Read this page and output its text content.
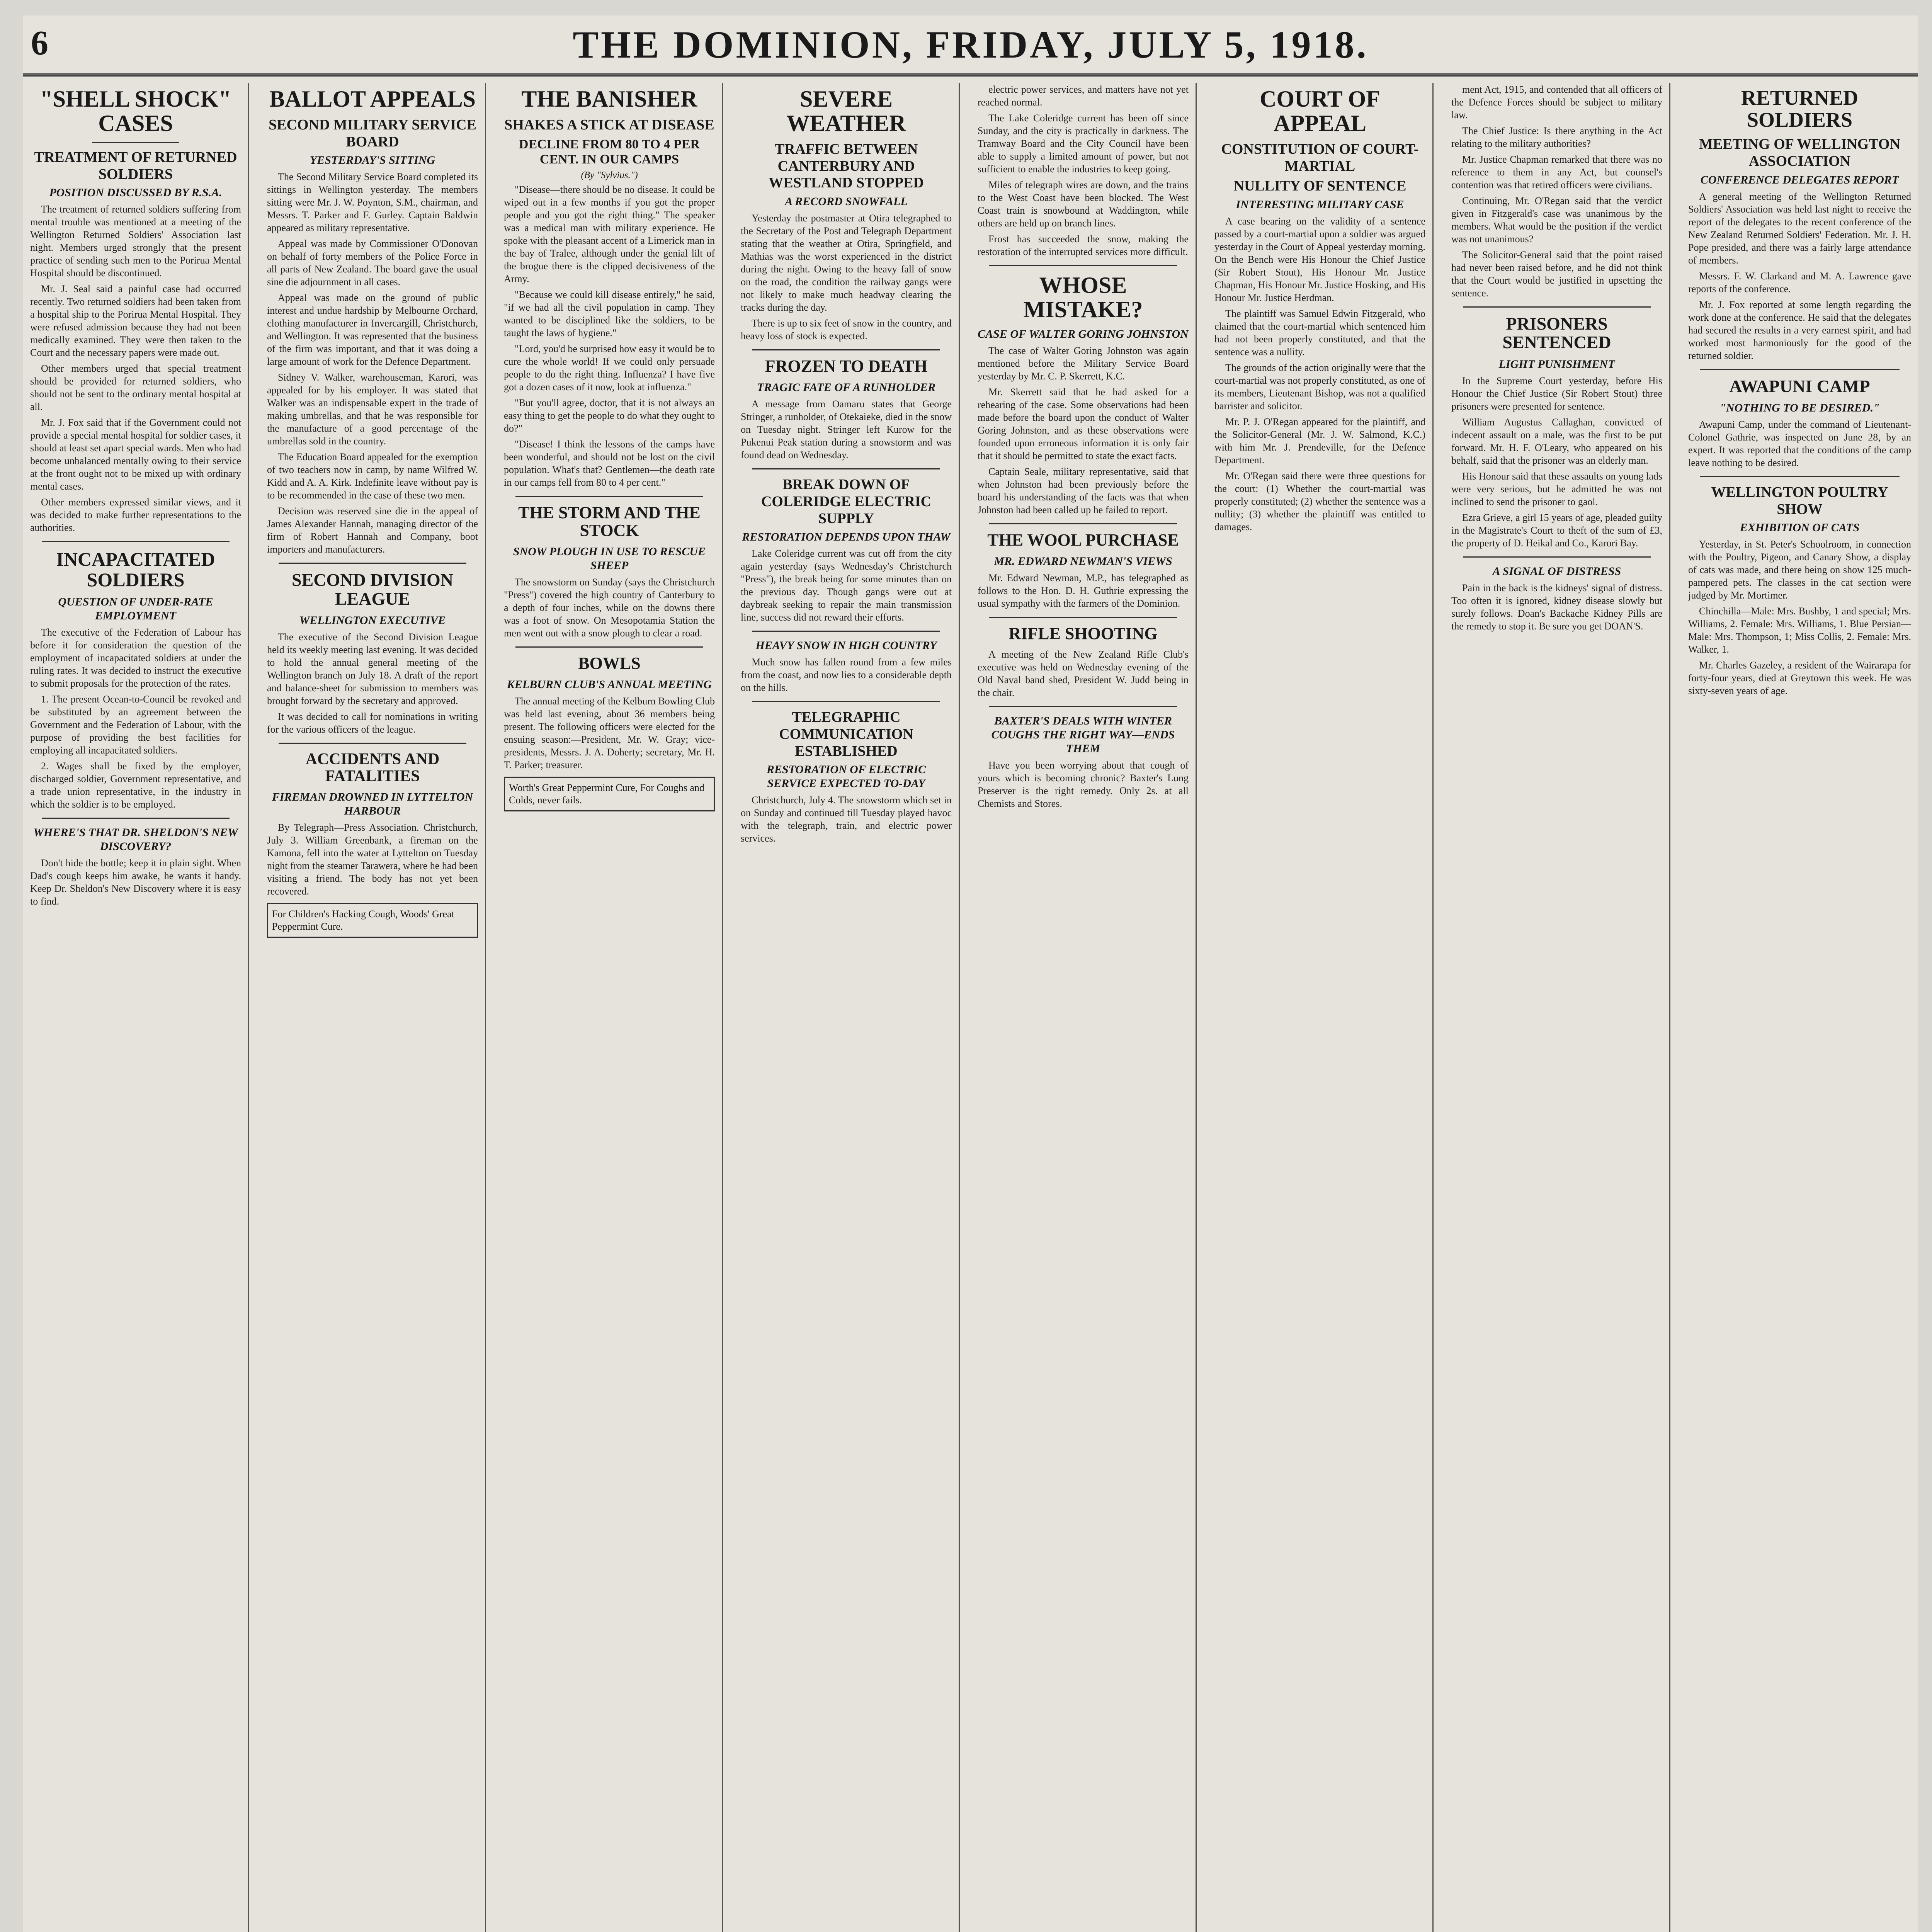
6	THE DOMINION, FRIDAY, JULY 5, 1918.
"SHELL SHOCK" CASES
TREATMENT OF RETURNED SOLDIERS
POSITION DISCUSSED BY R.S.A.

The treatment of returned soldiers suffering from mental trouble was mentioned at a meeting of the Wellington Returned Soldiers' Association last night. Members urged strongly that the present practice of sending such men to the Porirua Mental Hospital should be discontinued.

Mr. J. Seal said a painful case had occurred recently. Two returned soldiers had been taken from a hospital ship to the Porirua Mental Hospital. They were refused admission because they had not been medically examined. They were then taken to the Court and the necessary papers were made out.

Other members urged that special treatment should be provided for returned soldiers, who should not be sent to the ordinary mental hospital at all.

Mr. J. Fox said that if the Government could not provide a special mental hospital for soldier cases, it should at least set apart special wards. Men who had become unbalanced mentally owing to their service at the front ought not to be mixed up with ordinary mental cases.

Other members expressed similar views, and it was decided to make further representations to the authorities.

INCAPACITATED SOLDIERS
QUESTION OF UNDER-RATE EMPLOYMENT

The executive of the Federation of Labour has before it for consideration the question of the employment of incapacitated soldiers at under the ruling rates. It was decided to instruct the executive to submit proposals for the protection of the rates.

1. The present Ocean-to-Council be revoked and be substituted by an agreement between the Government and the Federation of Labour, with the purpose of providing the best facilities for employing all incapacitated soldiers.

2. Wages shall be fixed by the employer, discharged soldier, Government representative, and a trade union representative, in the industry in which the soldier is to be employed.

WHERE'S THAT DR. SHELDON'S NEW DISCOVERY?

Don't hide the bottle; keep it in plain sight. When Dad's cough keeps him awake, he wants it handy. Keep Dr. Sheldon's New Discovery where it is easy to find.

BALLOT APPEALS
SECOND MILITARY SERVICE BOARD
YESTERDAY'S SITTING

The Second Military Service Board completed its sittings in Wellington yesterday. The members sitting were Mr. J. W. Poynton, S.M., chairman, and Messrs. T. Parker and F. Gurley. Captain Baldwin appeared as military representative.

Appeal was made by Commissioner O'Donovan on behalf of forty members of the Police Force in all parts of New Zealand. The board gave the usual sine die adjournment in all cases.

Appeal was made on the ground of public interest and undue hardship by Melbourne Orchard, clothing manufacturer in Invercargill, Christchurch, and Wellington. It was represented that the business of the firm was important, and that it was doing a large amount of work for the Defence Department.

Sidney V. Walker, warehouseman, Karori, was appealed for by his employer. It was stated that Walker was an indispensable expert in the trade of making umbrellas, and that he was responsible for the manufacture of a good percentage of the umbrellas sold in the country.

The Education Board appealed for the exemption of two teachers now in camp, by name Wilfred W. Kidd and A. A. Kirk. Indefinite leave without pay is to be recommended in the case of these two men.

Decision was reserved sine die in the appeal of James Alexander Hannah, managing director of the firm of Robert Hannah and Company, boot importers and manufacturers.

SECOND DIVISION LEAGUE
WELLINGTON EXECUTIVE

The executive of the Second Division League held its weekly meeting last evening. It was decided to hold the annual general meeting of the Wellington branch on July 18. A draft of the report and balance-sheet for submission to members was brought forward by the secretary and approved.

It was decided to call for nominations in writing for the various officers of the league.

ACCIDENTS AND FATALITIES
FIREMAN DROWNED IN LYTTELTON HARBOUR

By Telegraph—Press Association. Christchurch, July 3. William Greenbank, a fireman on the Kamona, fell into the water at Lyttelton on Tuesday night from the steamer Tarawera, where he had been visiting a friend. The body has not yet been recovered.

For Children's Hacking Cough, Woods' Great Peppermint Cure.
THE BANISHER
SHAKES A STICK AT DISEASE
DECLINE FROM 80 TO 4 PER CENT. IN OUR CAMPS
(By "Sylvius.")

"Disease—there should be no disease. It could be wiped out in a few months if you got the proper people and you got the right thing." The speaker was a medical man with military experience. He spoke with the pleasant accent of a Limerick man in the bay of Tralee, although under the genial lilt of the brogue there is the clipped decisiveness of the Army.

"Because we could kill disease entirely," he said, "if we had all the civil population in camp. They wanted to be disciplined like the soldiers, to be taught the laws of hygiene."

"Lord, you'd be surprised how easy it would be to cure the whole world! If we could only persuade people to do the right thing. Influenza? I have five got a dozen cases of it now, look at influenza."

"But you'll agree, doctor, that it is not always an easy thing to get the people to do what they ought to do?"

"Disease! I think the lessons of the camps have been wonderful, and should not be lost on the civil population. What's that? Gentlemen—the death rate in our camps fell from 80 to 4 per cent."

THE STORM AND THE STOCK
SNOW PLOUGH IN USE TO RESCUE SHEEP

The snowstorm on Sunday (says the Christchurch "Press") covered the high country of Canterbury to a depth of four inches, while on the downs there was a foot of snow. On Mesopotamia Station the men went out with a snow plough to clear a road.

BOWLS
KELBURN CLUB'S ANNUAL MEETING

The annual meeting of the Kelburn Bowling Club was held last evening, about 36 members being present. The following officers were elected for the ensuing season:—President, Mr. W. Gray; vice-presidents, Messrs. J. A. Doherty; secretary, Mr. H. T. Parker; treasurer.

Worth's Great Peppermint Cure, For Coughs and Colds, never fails.
SEVERE WEATHER
TRAFFIC BETWEEN CANTERBURY AND WESTLAND STOPPED
A RECORD SNOWFALL

Yesterday the postmaster at Otira telegraphed to the Secretary of the Post and Telegraph Department stating that the weather at Otira, Springfield, and Mathias was the worst experienced in the district during the night. Owing to the heavy fall of snow on the road, the condition the railway gangs were not likely to make much headway clearing the tracks during the day.

There is up to six feet of snow in the country, and heavy loss of stock is expected.

FROZEN TO DEATH
TRAGIC FATE OF A RUNHOLDER

A message from Oamaru states that George Stringer, a runholder, of Otekaieke, died in the snow on Tuesday night. Stringer left Kurow for the Pukenui Peak station during a snowstorm and was found dead on Wednesday.

BREAK DOWN OF COLERIDGE ELECTRIC SUPPLY
RESTORATION DEPENDS UPON THAW

Lake Coleridge current was cut off from the city again yesterday (says Wednesday's Christchurch "Press"), the break being for some minutes than on the previous day. Though gangs were out at daybreak seeking to repair the main transmission line, success did not reward their efforts.

HEAVY SNOW IN HIGH COUNTRY

Much snow has fallen round from a few miles from the coast, and now lies to a considerable depth on the hills.

TELEGRAPHIC COMMUNICATION ESTABLISHED
RESTORATION OF ELECTRIC SERVICE EXPECTED TO-DAY

Christchurch, July 4. The snowstorm which set in on Sunday and continued till Tuesday played havoc with the telegraph, train, and electric power services.

electric power services, and matters have not yet reached normal.

The Lake Coleridge current has been off since Sunday, and the city is practically in darkness. The Tramway Board and the City Council have been able to supply a limited amount of power, but not sufficient to enable the industries to keep going.

Miles of telegraph wires are down, and the trains to the West Coast have been blocked. The West Coast train is snowbound at Waddington, while others are held up on branch lines.

Frost has succeeded the snow, making the restoration of the interrupted services more difficult.

WHOSE MISTAKE?
CASE OF WALTER GORING JOHNSTON

The case of Walter Goring Johnston was again mentioned before the Military Service Board yesterday by Mr. C. P. Skerrett, K.C.

Mr. Skerrett said that he had asked for a rehearing of the case. Some observations had been made before the board upon the conduct of Walter Goring Johnston, and as these observations were founded upon erroneous information it is only fair that it should be permitted to state the exact facts.

Captain Seale, military representative, said that when Johnston had been previously before the board his understanding of the facts was that when Johnston had been called up he failed to report.

THE WOOL PURCHASE
MR. EDWARD NEWMAN'S VIEWS

Mr. Edward Newman, M.P., has telegraphed as follows to the Hon. D. H. Guthrie expressing the usual sympathy with the farmers of the Dominion.

RIFLE SHOOTING

A meeting of the New Zealand Rifle Club's executive was held on Wednesday evening of the Old Naval band shed, President W. Judd being in the chair.

BAXTER'S DEALS WITH WINTER COUGHS THE RIGHT WAY—ENDS THEM

Have you been worrying about that cough of yours which is becoming chronic? Baxter's Lung Preserver is the right remedy. Only 2s. at all Chemists and Stores.

COURT OF APPEAL
CONSTITUTION OF COURT-MARTIAL
NULLITY OF SENTENCE
INTERESTING MILITARY CASE

A case bearing on the validity of a sentence passed by a court-martial upon a soldier was argued yesterday in the Court of Appeal yesterday morning. On the Bench were His Honour the Chief Justice (Sir Robert Stout), His Honour Mr. Justice Chapman, His Honour Mr. Justice Hosking, and His Honour Mr. Justice Herdman.

The plaintiff was Samuel Edwin Fitzgerald, who claimed that the court-martial which sentenced him had not been properly constituted, and that the sentence was a nullity.

The grounds of the action originally were that the court-martial was not properly constituted, as one of its members, Lieutenant Bishop, was not a qualified barrister and solicitor.

Mr. P. J. O'Regan appeared for the plaintiff, and the Solicitor-General (Mr. J. W. Salmond, K.C.) with him Mr. J. Prendeville, for the Defence Department.

Mr. O'Regan said there were three questions for the court: (1) Whether the court-martial was properly constituted; (2) whether the sentence was a nullity; (3) whether the plaintiff was entitled to damages.

ment Act, 1915, and contended that all officers of the Defence Forces should be subject to military law.

The Chief Justice: Is there anything in the Act relating to the military authorities?

Mr. Justice Chapman remarked that there was no reference to them in any Act, but counsel's contention was that retired officers were civilians.

Continuing, Mr. O'Regan said that the verdict given in Fitzgerald's case was unanimous by the members. What would be the position if the verdict was not unanimous?

The Solicitor-General said that the point raised had never been raised before, and he did not think that the Court would be justified in upsetting the sentence.

PRISONERS SENTENCED
LIGHT PUNISHMENT

In the Supreme Court yesterday, before His Honour the Chief Justice (Sir Robert Stout) three prisoners were presented for sentence.

William Augustus Callaghan, convicted of indecent assault on a male, was the first to be put forward. Mr. H. F. O'Leary, who appeared on his behalf, said that the prisoner was an elderly man.

His Honour said that these assaults on young lads were very serious, but he admitted he was not inclined to send the prisoner to gaol.

Ezra Grieve, a girl 15 years of age, pleaded guilty in the Magistrate's Court to theft of the sum of £3, the property of D. Heikal and Co., Karori Bay.

A SIGNAL OF DISTRESS

Pain in the back is the kidneys' signal of distress. Too often it is ignored, kidney disease slowly but surely follows. Doan's Backache Kidney Pills are the remedy to stop it. Be sure you get DOAN'S.

RETURNED SOLDIERS
MEETING OF WELLINGTON ASSOCIATION
CONFERENCE DELEGATES REPORT

A general meeting of the Wellington Returned Soldiers' Association was held last night to receive the report of the delegates to the recent conference of the New Zealand Returned Soldiers' Federation. Mr. J. H. Pope presided, and there was a fairly large attendance of members.

Messrs. F. W. Clarkand and M. A. Lawrence gave reports of the conference.

Mr. J. Fox reported at some length regarding the work done at the conference. He said that the delegates had secured the results in a very earnest spirit, and had worked most harmoniously for the good of the returned soldier.

AWAPUNI CAMP
"NOTHING TO BE DESIRED."

Awapuni Camp, under the command of Lieutenant-Colonel Gathrie, was inspected on June 28, by an expert. It was reported that the conditions of the camp leave nothing to be desired.

WELLINGTON POULTRY SHOW
EXHIBITION OF CATS

Yesterday, in St. Peter's Schoolroom, in connection with the Poultry, Pigeon, and Canary Show, a display of cats was made, and there being on show 125 much-pampered pets. The classes in the cat section were judged by Mr. Mortimer.

Chinchilla—Male: Mrs. Bushby, 1 and special; Mrs. Williams, 2. Female: Mrs. Williams, 1. Blue Persian—Male: Mrs. Thompson, 1; Miss Collis, 2. Female: Mrs. Walker, 1.

Mr. Charles Gazeley, a resident of the Wairarapa for forty-four years, died at Greytown this week. He was sixty-seven years of age.
